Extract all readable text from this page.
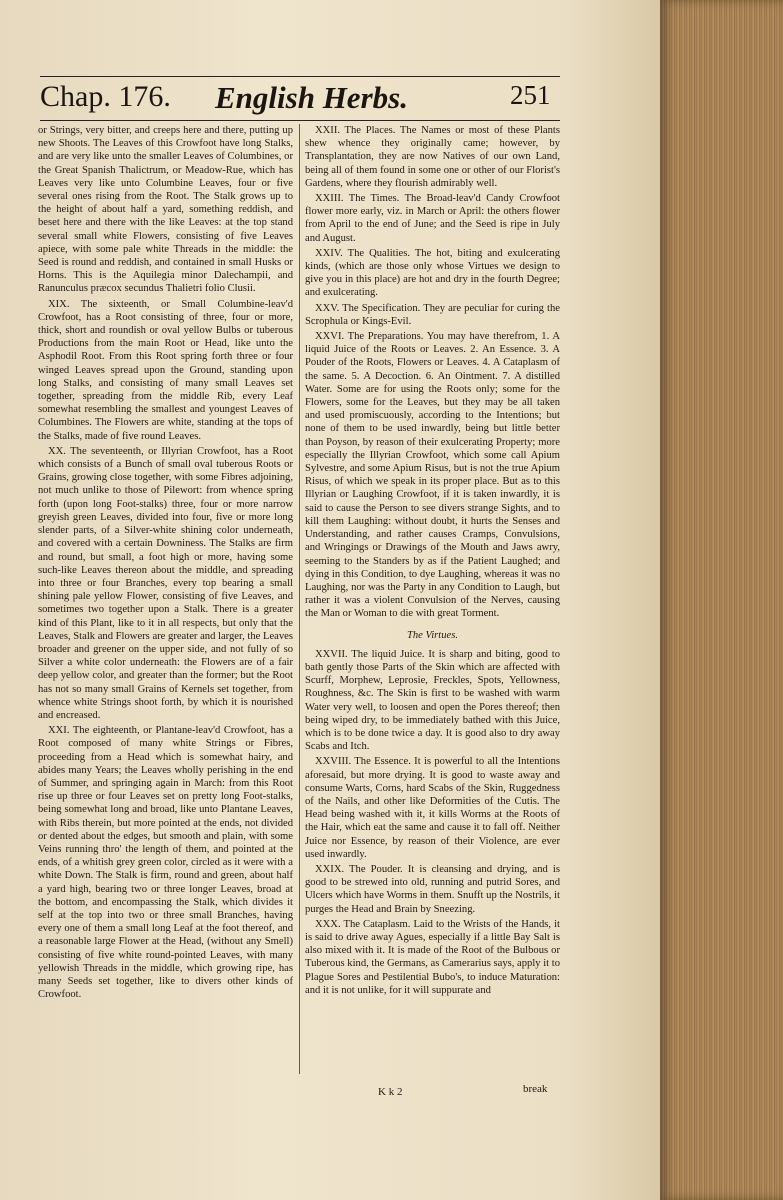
Chap. 176. English Herbs.	251

or Strings, very bitter, and creeps here and there, putting up new Shoots. The Leaves of this Crowfoot have long Stalks, and are very like unto the smaller Leaves of Columbines, or the Great Spanish Thalictrum, or Meadow-Rue, which has Leaves very like unto Columbine Leaves, four or five several ones rising from the Root. The Stalk grows up to the height of about half a yard, something reddish, and beset here and there with the like Leaves: at the top stand several small white Flowers, consisting of five Leaves apiece, with some pale white Threads in the middle: the Seed is round and reddish, and contained in small Husks or Horns. This is the Aquilegia minor Dalechampii, and Ranunculus præcox secundus Thalietri folio Clusii.

XIX. The sixteenth, or Small Columbine-leav'd Crowfoot, has a Root consisting of three, four or more, thick, short and roundish or oval yellow Bulbs or tuberous Productions from the main Root or Head, like unto the Asphodil Root. From this Root spring forth three or four winged Leaves spread upon the Ground, standing upon long Stalks, and consisting of many small Leaves set together, spreading from the middle Rib, every Leaf somewhat resembling the smallest and youngest Leaves of Columbines. The Flowers are white, standing at the tops of the Stalks, made of five round Leaves.

XX. The seventeenth, or Illyrian Crowfoot, has a Root which consists of a Bunch of small oval tuberous Roots or Grains, growing close together, with some Fibres adjoining, not much unlike to those of Pilewort: from whence spring forth (upon long Foot-stalks) three, four or more narrow greyish green Leaves, divided into four, five or more long slender parts, of a Silver-white shining color underneath, and covered with a certain Downiness. The Stalks are firm and round, but small, a foot high or more, having some such-like Leaves thereon about the middle, and spreading into three or four Branches, every top bearing a small shining pale yellow Flower, consisting of five Leaves, and sometimes two together upon a Stalk. There is a greater kind of this Plant, like to it in all respects, but only that the Leaves, Stalk and Flowers are greater and larger, the Leaves broader and greener on the upper side, and not fully of so Silver a white color underneath: the Flowers are of a fair deep yellow color, and greater than the former; but the Root has not so many small Grains of Kernels set together, from whence white Strings shoot forth, by which it is nourished and encreased.

XXI. The eighteenth, or Plantane-leav'd Crowfoot, has a Root composed of many white Strings or Fibres, proceeding from a Head which is somewhat hairy, and abides many Years; the Leaves wholly perishing in the end of Summer, and springing again in March: from this Root rise up three or four Leaves set on pretty long Foot-stalks, being somewhat long and broad, like unto Plantane Leaves, with Ribs therein, but more pointed at the ends, not divided or dented about the edges, but smooth and plain, with some Veins running thro' the length of them, and pointed at the ends, of a whitish grey green color, circled as it were with a white Down. The Stalk is firm, round and green, about half a yard high, bearing two or three longer Leaves, broad at the bottom, and encompassing the Stalk, which divides it self at the top into two or three small Branches, having every one of them a small long Leaf at the foot thereof, and a reasonable large Flower at the Head, (without any Smell) consisting of five white round-pointed Leaves, with many yellowish Threads in the middle, which growing ripe, has many Seeds set together, like to divers other kinds of Crowfoot.

XXII. The Places. The Names or most of these Plants shew whence they originally came; however, by Transplantation, they are now Natives of our own Land, being all of them found in some one or other of our Florist's Gardens, where they flourish admirably well.

XXIII. The Times. The Broad-leav'd Candy Crowfoot flower more early, viz. in March or April: the others flower from April to the end of June; and the Seed is ripe in July and August.

XXIV. The Qualities. The hot, biting and exulcerating kinds, (which are those only whose Virtues we design to give you in this place) are hot and dry in the fourth Degree; and exulcerating.

XXV. The Specification. They are peculiar for curing the Scrophula or Kings-Evil.

XXVI. The Preparations. You may have therefrom, 1. A liquid Juice of the Roots or Leaves. 2. An Essence. 3. A Pouder of the Roots, Flowers or Leaves. 4. A Cataplasm of the same. 5. A Decoction. 6. An Ointment. 7. A distilled Water. Some are for using the Roots only; some for the Flowers, some for the Leaves, but they may be all taken and used promiscuously, according to the Intentions; but none of them to be used inwardly, being but little better than Poyson, by reason of their exulcerating Property; more especially the Illyrian Crowfoot, which some call Apium Sylvestre, and some Apium Risus, but is not the true Apium Risus, of which we speak in its proper place. But as to this Illyrian or Laughing Crowfoot, if it is taken inwardly, it is said to cause the Person to see divers strange Sights, and to kill them Laughing: without doubt, it hurts the Senses and Understanding, and rather causes Cramps, Convulsions, and Wringings or Drawings of the Mouth and Jaws awry, seeming to the Standers by as if the Patient Laughed; and dying in this Condition, to dye Laughing, whereas it was no Laughing, nor was the Party in any Condition to Laugh, but rather it was a violent Convulsion of the Nerves, causing the Man or Woman to die with great Torment.

The Virtues.

XXVII. The liquid Juice. It is sharp and biting, good to bath gently those Parts of the Skin which are affected with Scurff, Morphew, Leprosie, Freckles, Spots, Yellowness, Roughness, &c. The Skin is first to be washed with warm Water very well, to loosen and open the Pores thereof; then being wiped dry, to be immediately bathed with this Juice, which is to be done twice a day. It is good also to dry away Scabs and Itch.

XXVIII. The Essence. It is powerful to all the Intentions aforesaid, but more drying. It is good to waste away and consume Warts, Corns, hard Scabs of the Skin, Ruggedness of the Nails, and other like Deformities of the Cutis. The Head being washed with it, it kills Worms at the Roots of the Hair, which eat the same and cause it to fall off. Neither Juice nor Essence, by reason of their Violence, are ever used inwardly.

XXIX. The Pouder. It is cleansing and drying, and is good to be strewed into old, running and putrid Sores, and Ulcers which have Worms in them. Snufft up the Nostrils, it purges the Head and Brain by Sneezing.

XXX. The Cataplasm. Laid to the Wrists of the Hands, it is said to drive away Agues, especially if a little Bay Salt is also mixed with it. It is made of the Root of the Bulbous or Tuberous kind, the Germans, as Camerarius says, apply it to Plague Sores and Pestilential Bubo's, to induce Maturation: and it is not unlike, for it will suppurate and

K k 2	break
